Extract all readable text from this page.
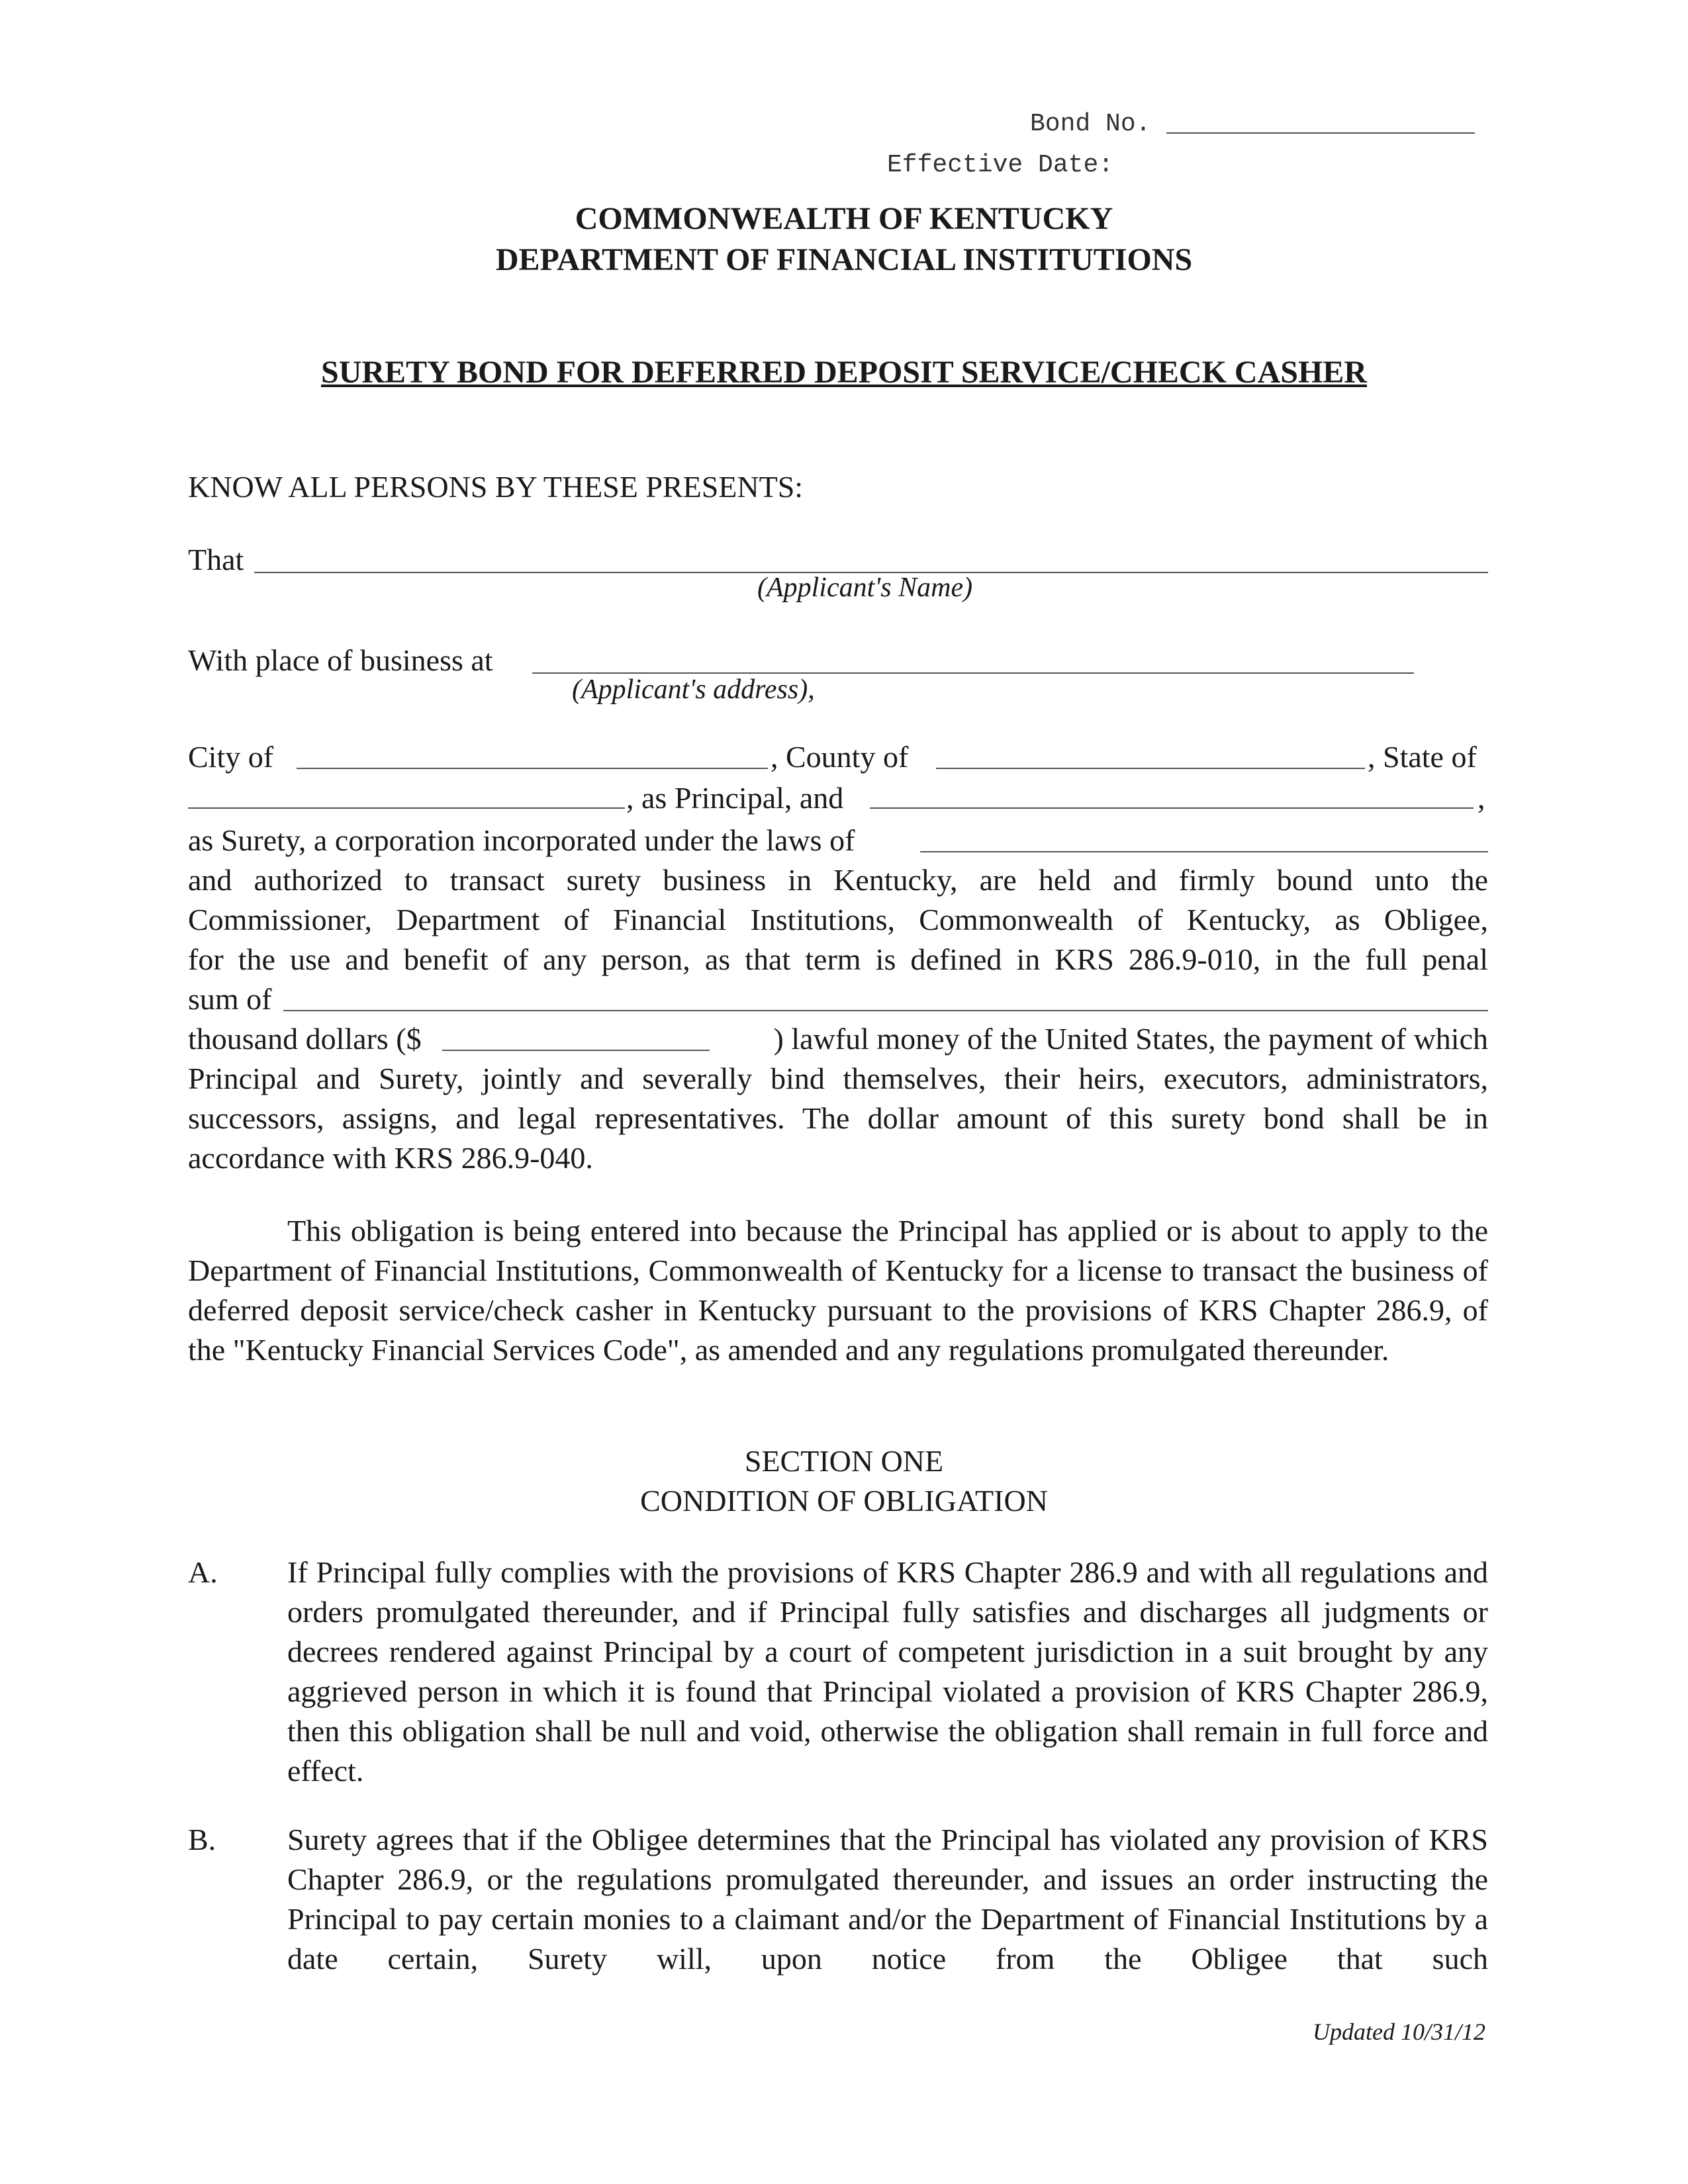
Bond No.
Effective Date:
COMMONWEALTH OF KENTUCKY
DEPARTMENT OF FINANCIAL INSTITUTIONS
SURETY BOND FOR DEFERRED DEPOSIT SERVICE/CHECK CASHER
KNOW ALL PERSONS BY THESE PRESENTS:
That
(Applicant's Name)
With place of business at
(Applicant's address),
City of	, County of	, State of
, as Principal, and	,
as Surety, a corporation incorporated under the laws of
and authorized to transact surety business in Kentucky, are held and firmly bound unto the
Commissioner, Department of Financial Institutions, Commonwealth of Kentucky, as Obligee,
for the use and benefit of any person, as that term is defined in KRS 286.9-010, in the full penal
sum of
thousand dollars ($	) lawful money of the United States, the payment of which
Principal and Surety, jointly and severally bind themselves, their heirs, executors, administrators,
successors, assigns, and legal representatives. The dollar amount of this surety bond shall be in
accordance with KRS 286.9-040.
This obligation is being entered into because the Principal has applied or is about to apply to the Department of Financial Institutions, Commonwealth of Kentucky for a license to transact the business of deferred deposit service/check casher in Kentucky pursuant to the provisions of KRS Chapter 286.9, of the "Kentucky Financial Services Code", as amended and any regulations promulgated thereunder.
SECTION ONE
CONDITION OF OBLIGATION
A. If Principal fully complies with the provisions of KRS Chapter 286.9 and with all regulations and orders promulgated thereunder, and if Principal fully satisfies and discharges all judgments or decrees rendered against Principal by a court of competent jurisdiction in a suit brought by any aggrieved person in which it is found that Principal violated a provision of KRS Chapter 286.9, then this obligation shall be null and void, otherwise the obligation shall remain in full force and effect.
B. Surety agrees that if the Obligee determines that the Principal has violated any provision of KRS Chapter 286.9, or the regulations promulgated thereunder, and issues an order instructing the Principal to pay certain monies to a claimant and/or the Department of Financial Institutions by a date certain, Surety will, upon notice from the Obligee that such
Updated 10/31/12
